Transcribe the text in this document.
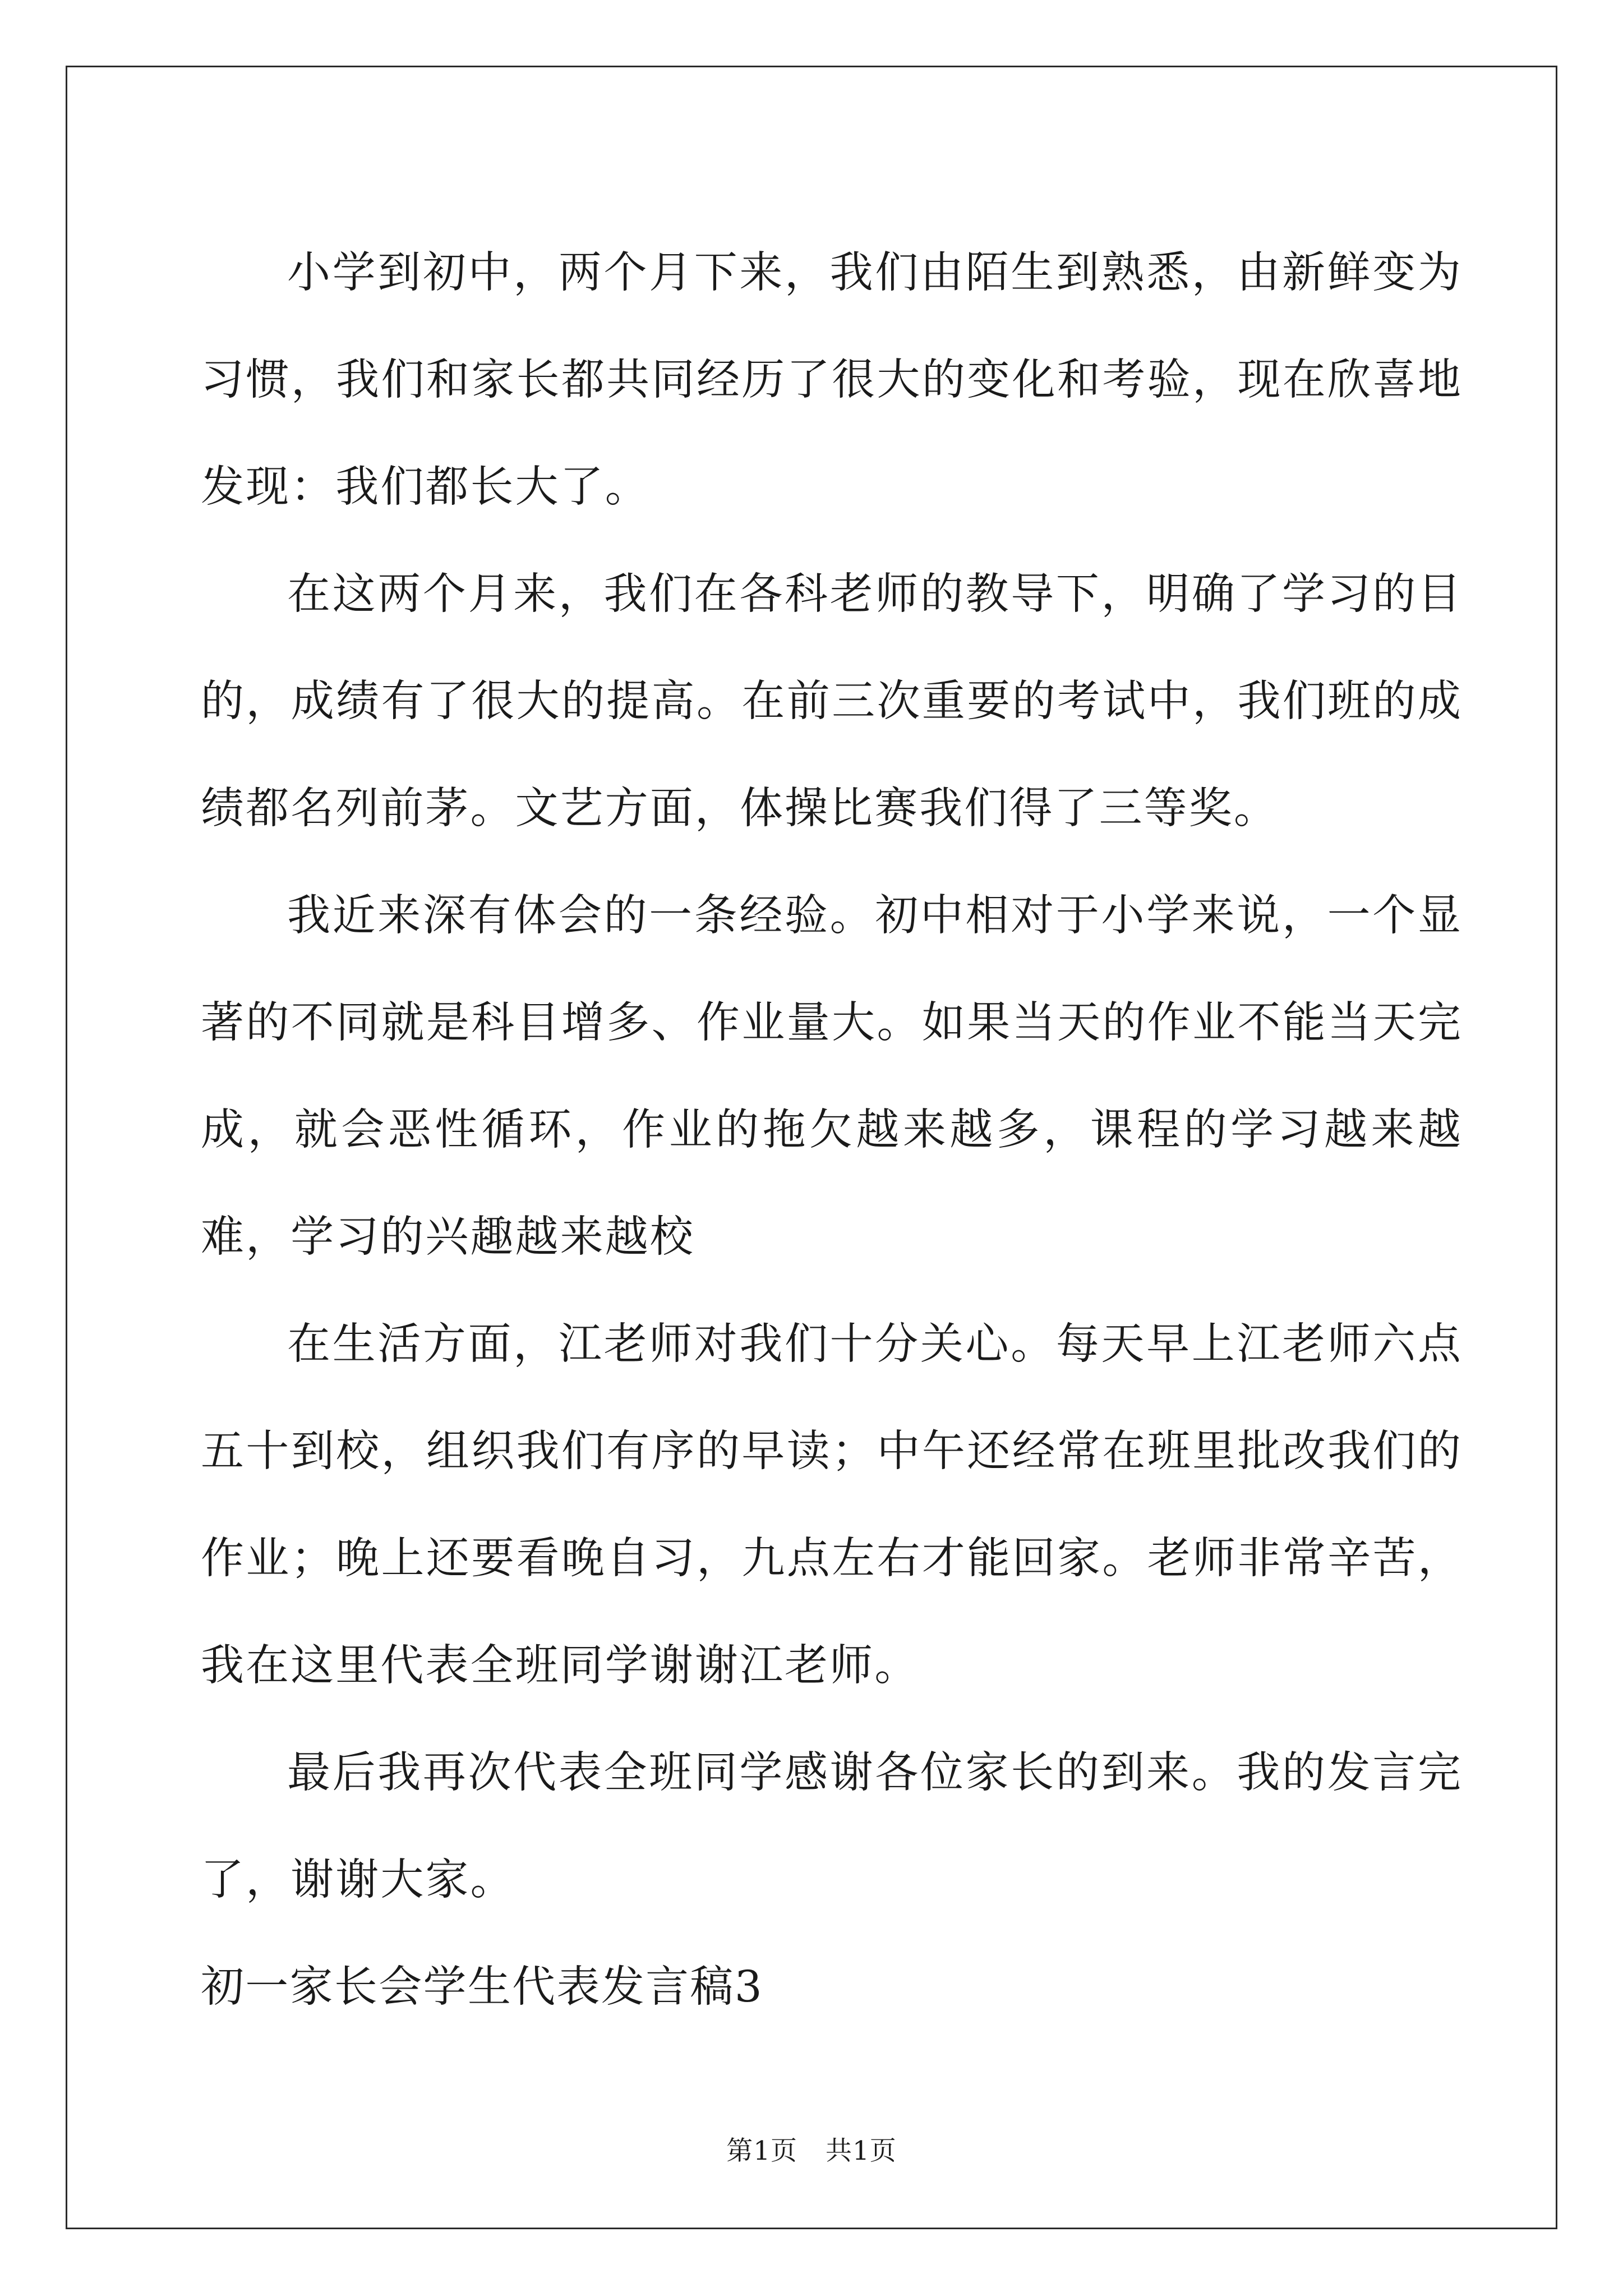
小学到初中，两个月下来，我们由陌生到熟悉，由新鲜变为习惯，我们和家长都共同经历了很大的变化和考验，现在欣喜地发现：我们都长大了。

在这两个月来，我们在各科老师的教导下，明确了学习的目的，成绩有了很大的提高。在前三次重要的考试中，我们班的成绩都名列前茅。文艺方面，体操比赛我们得了三等奖。

我近来深有体会的一条经验。初中相对于小学来说，一个显著的不同就是科目增多、作业量大。如果当天的作业不能当天完成，就会恶性循环，作业的拖欠越来越多，课程的学习越来越难，学习的兴趣越来越校

在生活方面，江老师对我们十分关心。每天早上江老师六点五十到校，组织我们有序的早读；中午还经常在班里批改我们的作业；晚上还要看晚自习，九点左右才能回家。老师非常辛苦，我在这里代表全班同学谢谢江老师。

最后我再次代表全班同学感谢各位家长的到来。我的发言完了，谢谢大家。

初一家长会学生代表发言稿3

第1页 共1页
